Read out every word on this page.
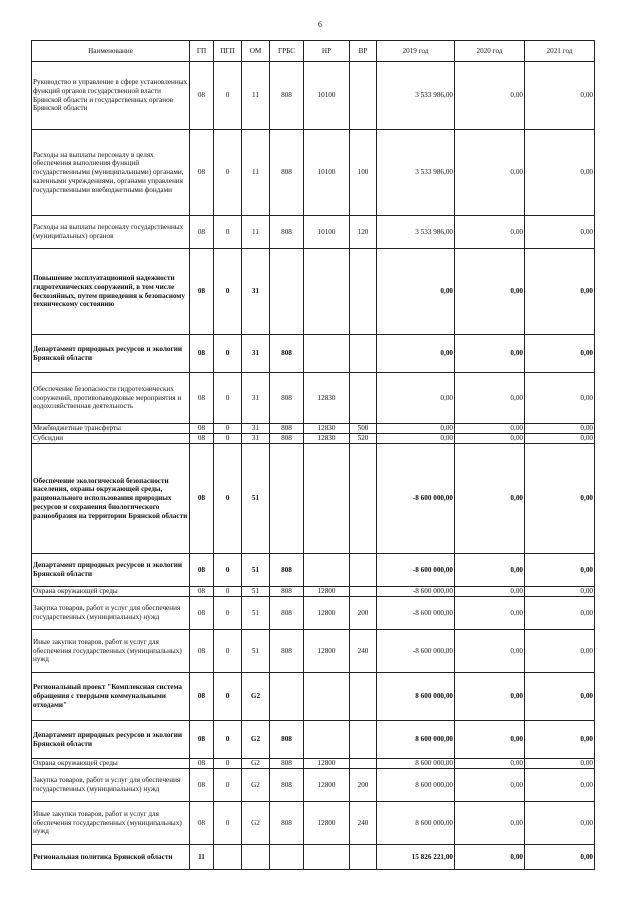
6
Наименование	ГП	ПГП	ОМ	ГРБС	НР	ВР	2019 год	2020 год	2021 год
Руководство и управление в сфере установленных функций органов государственной власти Брянской области и государственных органов Брянской области	08	0	11	808	10100		3 533 986,00	0,00	0,00
Расходы на выплаты персоналу в целях обеспечения выполнения функций государственными (муниципальными) органами, казенными учреждениями, органами управления государственными внебюджетными фондами	08	0	11	808	10100	100	3 533 986,00	0,00	0,00
Расходы на выплаты персоналу государственных (муниципальных) органов	08	0	11	808	10100	120	3 533 986,00	0,00	0,00
Повышение эксплуатационной надежности гидротехнических сооружений, в том числе бесхозяйных, путем приведения к безопасному техническому состоянию	08	0	31				0,00	0,00	0,00
Департамент природных ресурсов и экологии Брянской области	08	0	31	808			0,00	0,00	0,00
Обеспечение безопасности гидротехнических сооружений, противопаводковые мероприятия и водохозяйственная деятельность	08	0	31	808	12830		0,00	0,00	0,00
Межбюджетные трансферты	08	0	31	808	12830	500	0,00	0,00	0,00
Субсидии	08	0	31	808	12830	520	0,00	0,00	0,00
Обеспечение экологической безопасности населения, охраны окружающей среды, рационального использования природных ресурсов и сохранения биологического разнообразия на территории Брянской области	08	0	51				-8 600 000,00	0,00	0,00
Департамент природных ресурсов и экологии Брянской области	08	0	51	808			-8 600 000,00	0,00	0,00
Охрана окружающей среды	08	0	51	808	12800		-8 600 000,00	0,00	0,00
Закупка товаров, работ и услуг для обеспечения государственных (муниципальных) нужд	08	0	51	808	12800	200	-8 600 000,00	0,00	0,00
Иные закупки товаров, работ и услуг для обеспечения государственных (муниципальных) нужд	08	0	51	808	12800	240	-8 600 000,00	0,00	0,00
Региональный проект "Комплексная система обращения с твердыми коммунальными отходами"	08	0	G2				8 600 000,00	0,00	0,00
Департамент природных ресурсов и экологии Брянской области	08	0	G2	808			8 600 000,00	0,00	0,00
Охрана окружающей среды	08	0	G2	808	12800		8 600 000,00	0,00	0,00
Закупка товаров, работ и услуг для обеспечения государственных (муниципальных) нужд	08	0	G2	808	12800	200	8 600 000,00	0,00	0,00
Иные закупки товаров, работ и услуг для обеспечения государственных (муниципальных) нужд	08	0	G2	808	12800	240	8 600 000,00	0,00	0,00
Региональная политика Брянской области	11						15 826 221,00	0,00	0,00
